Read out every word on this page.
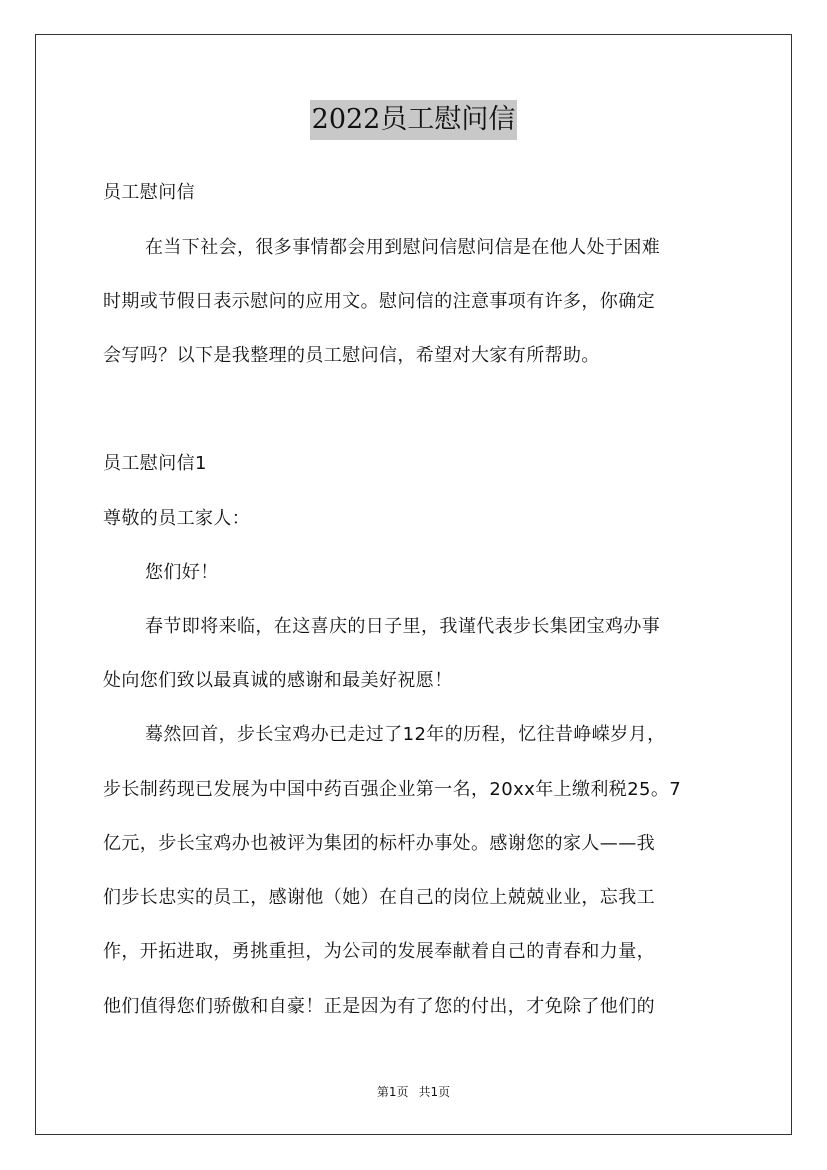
2022员工慰问信
员工慰问信
在当下社会，很多事情都会用到慰问信慰问信是在他人处于困难
时期或节假日表示慰问的应用文。慰问信的注意事项有许多，你确定
会写吗？以下是我整理的员工慰问信，希望对大家有所帮助。
员工慰问信1
尊敬的员工家人：
您们好！
春节即将来临，在这喜庆的日子里，我谨代表步长集团宝鸡办事
处向您们致以最真诚的感谢和最美好祝愿！
蓦然回首，步长宝鸡办已走过了12年的历程，忆往昔峥嵘岁月，
步长制药现已发展为中国中药百强企业第一名，20xx年上缴利税25。7
亿元，步长宝鸡办也被评为集团的标杆办事处。感谢您的家人——我
们步长忠实的员工，感谢他（她）在自己的岗位上兢兢业业，忘我工
作，开拓进取，勇挑重担，为公司的发展奉献着自己的青春和力量，
他们值得您们骄傲和自豪！正是因为有了您的付出，才免除了他们的
第1页 共1页
